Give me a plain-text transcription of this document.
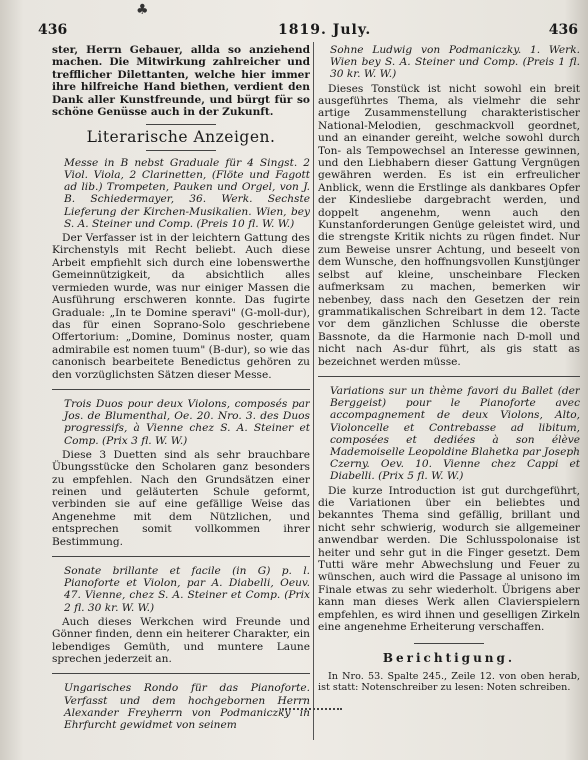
♣
436	1819. July.	436

ster, Herrn Gebauer, allda so anziehend machen. Die Mitwirkung zahlreicher und trefflicher Dilettanten, welche hier immer ihre hilfreiche Hand biethen, verdient den Dank aller Kunstfreunde, und bürgt für so schöne Genüsse auch in der Zukunft.

Literarische Anzeigen.

Messe in B nebst Graduale für 4 Singst. 2 Viol. Viola, 2 Clarinetten, (Flöte und Fagott ad lib.) Trompeten, Pauken und Orgel, von J. B. Schiedermayer, 36. Werk. Sechste Lieferung der Kirchen-Musikalien. Wien, bey S. A. Steiner und Comp. (Preis 10 fl. W. W.)

Der Verfasser ist in der leichtern Gattung des Kirchenstyls mit Recht beliebt. Auch diese Arbeit empfiehlt sich durch eine lobenswerthe Gemeinnützigkeit, da absichtlich alles vermieden wurde, was nur einiger Massen die Ausführung erschweren konnte. Das fugirte Graduale: „In te Domine speravi" (G-moll-dur), das für einen Soprano-Solo geschriebene Offertorium: „Domine, Dominus noster, quam admirabile est nomen tuum" (B-dur), so wie das canonisch bearbeitete Benedictus gehören zu den vorzüglichsten Sätzen dieser Messe.

Trois Duos pour deux Violons, composés par Jos. de Blumenthal, Oe. 20. Nro. 3. des Duos progressifs, à Vienne chez S. A. Steiner et Comp. (Prix 3 fl. W. W.)

Diese 3 Duetten sind als sehr brauchbare Übungsstücke den Scholaren ganz besonders zu empfehlen. Nach den Grundsätzen einer reinen und geläuterten Schule geformt, verbinden sie auf eine gefällige Weise das Angenehme mit dem Nützlichen, und entsprechen somit vollkommen ihrer Bestimmung.

Sonate brillante et facile (in G) p. l. Pianoforte et Violon, par A. Diabelli, Oeuv. 47. Vienne, chez S. A. Steiner et Comp. (Prix 2 fl. 30 kr. W. W.)

Auch dieses Werkchen wird Freunde und Gönner finden, denn ein heiterer Charakter, ein lebendiges Gemüth, und muntere Laune sprechen jederzeit an.

Ungarisches Rondo für das Pianoforte. Verfasst und dem hochgebornen Herrn Alexander Freyherrn von Podmaniczky in Ehrfurcht gewidmet von seinem

Sohne Ludwig von Podmaniczky. 1. Werk. Wien bey S. A. Steiner und Comp. (Preis 1 fl. 30 kr. W. W.)

Dieses Tonstück ist nicht sowohl ein breit ausgeführtes Thema, als vielmehr die sehr artige Zusammenstellung charakteristischer National-Melodien, geschmackvoll geordnet, und an einander gereiht, welche sowohl durch Ton- als Tempowechsel an Interesse gewinnen, und den Liebhabern dieser Gattung Vergnügen gewähren werden. Es ist ein erfreulicher Anblick, wenn die Erstlinge als dankbares Opfer der Kindesliebe dargebracht werden, und doppelt angenehm, wenn auch den Kunstanforderungen Genüge geleistet wird, und die strengste Kritik nichts zu rügen findet. Nur zum Beweise unsrer Achtung, und beseelt von dem Wunsche, den hoffnungsvollen Kunstjünger selbst auf kleine, unscheinbare Flecken aufmerksam zu machen, bemerken wir nebenbey, dass nach den Gesetzen der rein grammatikalischen Schreibart in dem 12. Tacte vor dem gänzlichen Schlusse die oberste Bassnote, da die Harmonie nach D-moll und nicht nach As-dur führt, als gis statt as bezeichnet werden müsse.

Variations sur un thème favori du Ballet (der Berggeist) pour le Pianoforte avec accompagnement de deux Violons, Alto, Violoncelle et Contrebasse ad libitum, composées et dediées à son élève Mademoiselle Leopoldine Blahetka par Joseph Czerny. Oev. 10. Vienne chez Cappi et Diabelli. (Prix 5 fl. W. W.)

Die kurze Introduction ist gut durchgeführt, die Variationen über ein beliebtes und bekanntes Thema sind gefällig, brillant und nicht sehr schwierig, wodurch sie allgemeiner anwendbar werden. Die Schlusspolonaise ist heiter und sehr gut in die Finger gesetzt. Dem Tutti wäre mehr Abwechslung und Feuer zu wünschen, auch wird die Passage al unisono im Finale etwas zu sehr wiederholt. Übrigens aber kann man dieses Werk allen Clavierspielern empfehlen, es wird ihnen und geselligen Zirkeln eine angenehme Erheiterung verschaffen.

Berichtigung.

In Nro. 53. Spalte 245., Zeile 12. von oben herab, ist statt: Notenschreiber zu lesen: Noten schreiben.
